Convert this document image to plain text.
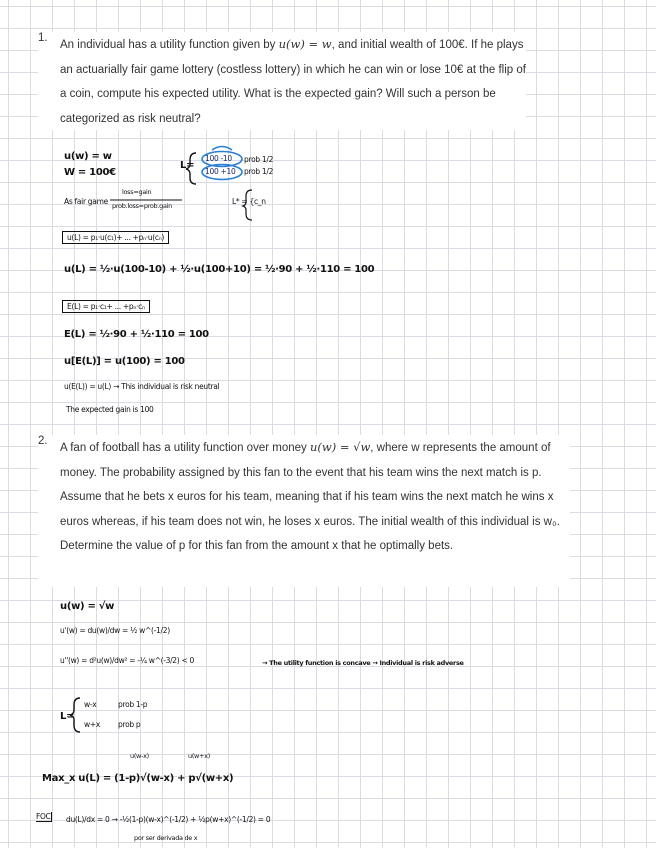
1.
An individual has a utility function given by u(w) = w, and initial wealth of 100€. If he plays an actuarially fair game lottery (costless lottery) in which he can win or lose 10€ at the flip of a coin, compute his expected utility. What is the expected gain? Will such a person be categorized as risk neutral?
u(w) = w
W = 100€
L=
100 -10 prob 1/2
100 +10 prob 1/2
As fair game
loss=gain
prob.loss=prob.gain	L* = {c_n
u(L) = p₁·u(c₁)+ ... +pₙ·u(cₙ)
u(L) = ½·u(100-10) + ½·u(100+10) = ½·90 + ½·110 = 100
E(L) = p₁·c₁+ ... +pₙ·cₙ
E(L) = ½·90 + ½·110 = 100
u[E(L)] = u(100) = 100
u(E(L)) = u(L) → This individual is risk neutral
The expected gain is 100
2.
A fan of football has a utility function over money u(w) = √w, where w represents the amount of money. The probability assigned by this fan to the event that his team wins the next match is p. Assume that he bets x euros for his team, meaning that if his team wins the next match he wins x euros whereas, if his team does not win, he loses x euros. The initial wealth of this individual is w₀. Determine the value of p for this fan from the amount x that he optimally bets.
u(w) = √w
u'(w) = du(w)/dw = ½ w^(-1/2)
u''(w) = d²u(w)/dw² = -¼ w^(-3/2) < 0	→ The utility function is concave → Individual is risk adverse
L=
w-x	prob 1-p
w+x prob p
u(w-x)	u(w+x)
Max_x u(L) = (1-p)√(w-x) + p√(w+x)
FOC du(L)/dx = 0 → -½(1-p)(w-x)^(-1/2) + ½p(w+x)^(-1/2) = 0
por ser derivada de x
